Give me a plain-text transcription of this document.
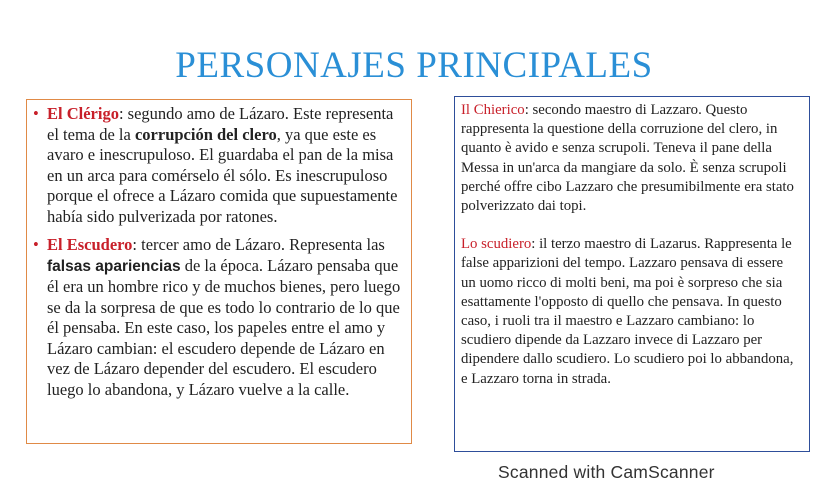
PERSONAJES PRINCIPALES

• El Clérigo: segundo amo de Lázaro. Este representa el tema de la corrupción del clero, ya que este es avaro e inescrupuloso. El guardaba el pan de la misa en un arca para comérselo él sólo. Es inescrupuloso porque el ofrece a Lázaro comida que supuestamente había sido pulverizada por ratones.

• El Escudero: tercer amo de Lázaro. Representa las falsas apariencias de la época. Lázaro pensaba que él era un hombre rico y de muchos bienes, pero luego se da la sorpresa de que es todo lo contrario de lo que él pensaba. En este caso, los papeles entre el amo y Lázaro cambian: el escudero depende de Lázaro en vez de Lázaro depender del escudero. El escudero luego lo abandona, y Lázaro vuelve a la calle.

Il Chierico: secondo maestro di Lazzaro. Questo rappresenta la questione della corruzione del clero, in quanto è avido e senza scrupoli. Teneva il pane della Messa in un'arca da mangiare da solo. È senza scrupoli perché offre cibo Lazzaro che presumibilmente era stato polverizzato dai topi.

Lo scudiero: il terzo maestro di Lazarus. Rappresenta le false apparizioni del tempo. Lazzaro pensava di essere un uomo ricco di molti beni, ma poi è sorpreso che sia esattamente l'opposto di quello che pensava. In questo caso, i ruoli tra il maestro e Lazzaro cambiano: lo scudiero dipende da Lazzaro invece di Lazzaro per dipendere dallo scudiero. Lo scudiero poi lo abbandona, e Lazzaro torna in strada.

Scanned with CamScanner
